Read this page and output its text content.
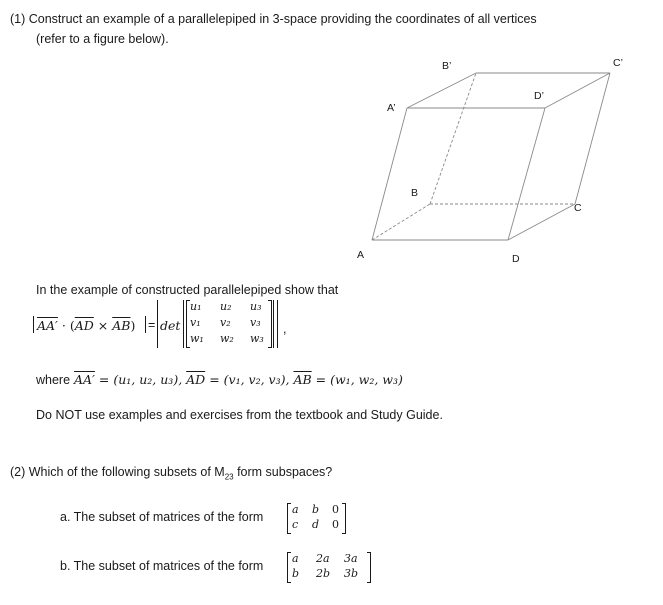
(1) Construct an example of a parallelepiped in 3-space providing the coordinates of all vertices
(refer to a figure below).
A
B
C
D
A’
B’	C’
D’
In the example of constructed parallelepiped show that
$AA' \cdot (\overline{AD} \times \overline{AB}) = \det$
u₁ u₂ u₃
v₁ v₂ v₃
w₁ w₂ w₃
,
where AA′ = (u₁, u₂, u₃), $\overline{AD} = (v_1$, v₂, v₃), $\overline{AB} = (w_1$, w₂, w₃)
Do NOT use examples and exercises from the textbook and Study Guide.
(2) Which of the following subsets of $M_{23}$ form subspaces?
a. The subset of matrices of the form
a b 0
c d 0
b. The subset of matrices of the form
a 2a 3a
b 2b 3b
